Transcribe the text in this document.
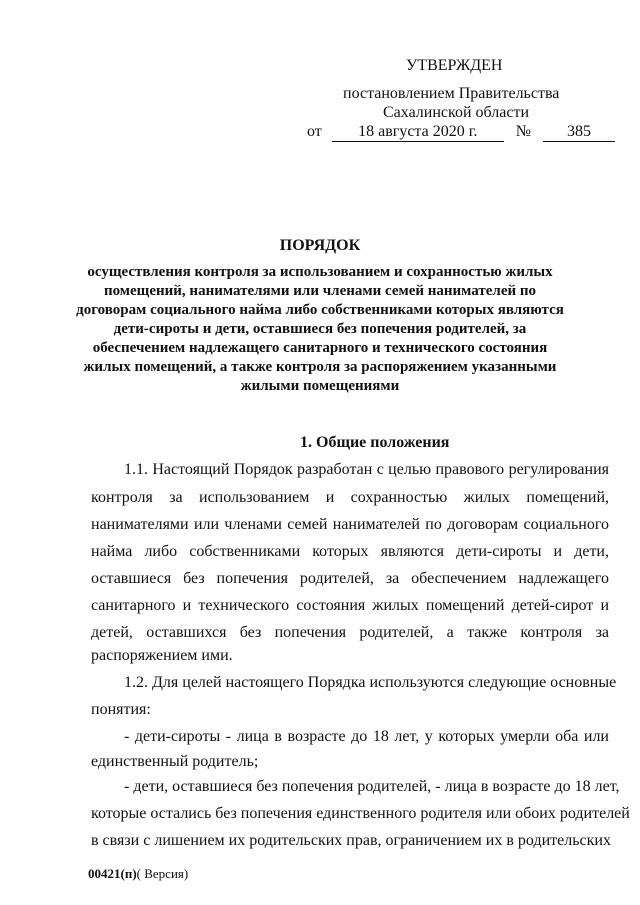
УТВЕРЖДЕН
постановлением Правительства
Сахалинской области
от 18 августа 2020 г. № 385
ПОРЯДОК
осуществления контроля за использованием и сохранностью жилых
помещений, нанимателями или членами семей нанимателей по
договорам социального найма либо собственниками которых являются
дети-сироты и дети, оставшиеся без попечения родителей, за
обеспечением надлежащего санитарного и технического состояния
жилых помещений, а также контроля за распоряжением указанными
жилыми помещениями
1. Общие положения
1.1. Настоящий Порядок разработан с целью правового регулирования
контроля за использованием и сохранностью жилых помещений,
нанимателями или членами семей нанимателей по договорам социального
найма либо собственниками которых являются дети-сироты и дети,
оставшиеся без попечения родителей, за обеспечением надлежащего
санитарного и технического состояния жилых помещений детей-сирот и
детей, оставшихся без попечения родителей, а также контроля за
распоряжением ими.
1.2. Для целей настоящего Порядка используются следующие основные
понятия:
- дети-сироты - лица в возрасте до 18 лет, у которых умерли оба или
единственный родитель;
- дети, оставшиеся без попечения родителей, - лица в возрасте до 18 лет,
которые остались без попечения единственного родителя или обоих родителей
в связи с лишением их родительских прав, ограничением их в родительских
00421(п)( Версия)
